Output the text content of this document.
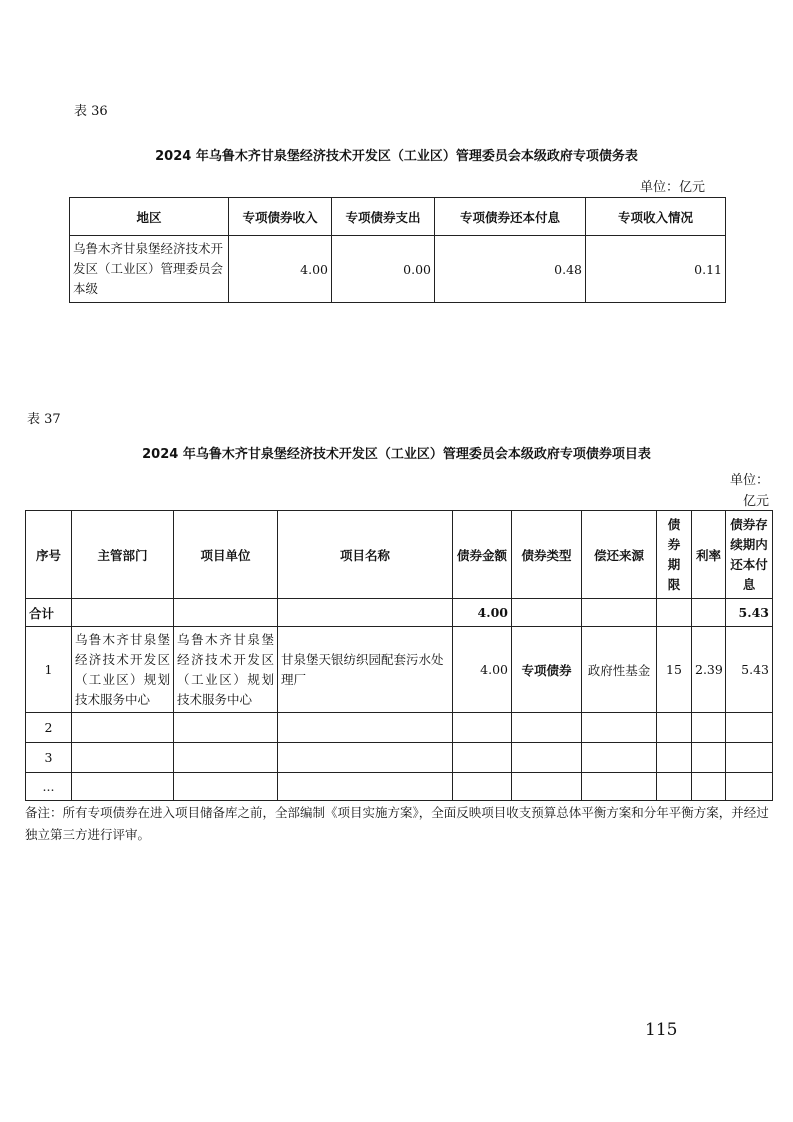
表 36
2024 年乌鲁木齐甘泉堡经济技术开发区（工业区）管理委员会本级政府专项债务表
单位：亿元
地区	专项债券收入	专项债券支出	专项债券还本付息	专项收入情况
乌鲁木齐甘泉堡经济技术开发区（工业区）管理委员会本级	4.00	0.00	0.48	0.11
表 37
2024 年乌鲁木齐甘泉堡经济技术开发区（工业区）管理委员会本级政府专项债券项目表
单位：
亿元
序号	主管部门	项目单位	项目名称	债券金额	债券类型	偿还来源	债券期限	利率	债券存续期内还本付息
合计				4.00					5.43
1	乌鲁木齐甘泉堡经济技术开发区（工业区）规划技术服务中心	乌鲁木齐甘泉堡经济技术开发区（工业区）规划技术服务中心	甘泉堡天银纺织园配套污水处理厂	4.00	专项债券	政府性基金	15	2.39	5.43
2									
3									
...									
备注：所有专项债券在进入项目储备库之前，全部编制《项目实施方案》，全面反映项目收支预算总体平衡方案和分年平衡方案，并经过独立第三方进行评审。
115
